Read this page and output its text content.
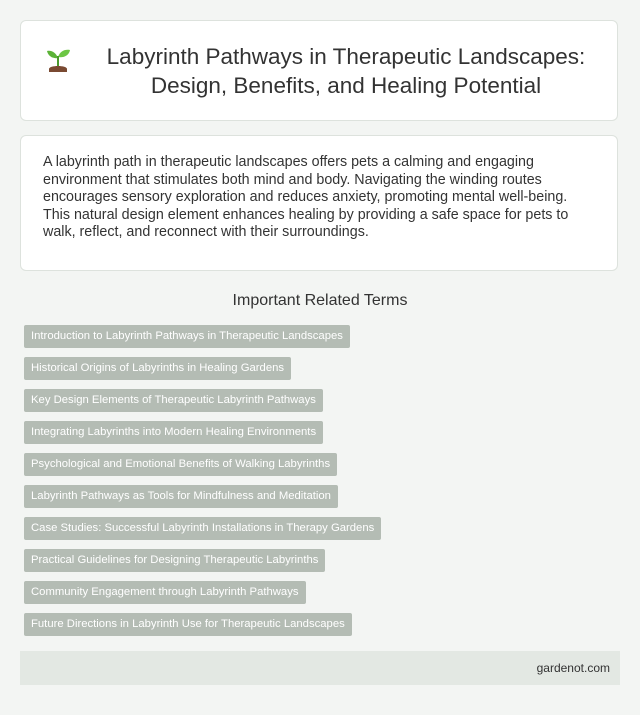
Labyrinth Pathways in Therapeutic Landscapes: Design, Benefits, and Healing Potential

A labyrinth path in therapeutic landscapes offers pets a calming and engaging environment that stimulates both mind and body. Navigating the winding routes encourages sensory exploration and reduces anxiety, promoting mental well-being. This natural design element enhances healing by providing a safe space for pets to walk, reflect, and reconnect with their surroundings.

Important Related Terms
Introduction to Labyrinth Pathways in Therapeutic Landscapes
Historical Origins of Labyrinths in Healing Gardens
Key Design Elements of Therapeutic Labyrinth Pathways
Integrating Labyrinths into Modern Healing Environments
Psychological and Emotional Benefits of Walking Labyrinths
Labyrinth Pathways as Tools for Mindfulness and Meditation
Case Studies: Successful Labyrinth Installations in Therapy Gardens
Practical Guidelines for Designing Therapeutic Labyrinths
Community Engagement through Labyrinth Pathways
Future Directions in Labyrinth Use for Therapeutic Landscapes
gardenot.com
